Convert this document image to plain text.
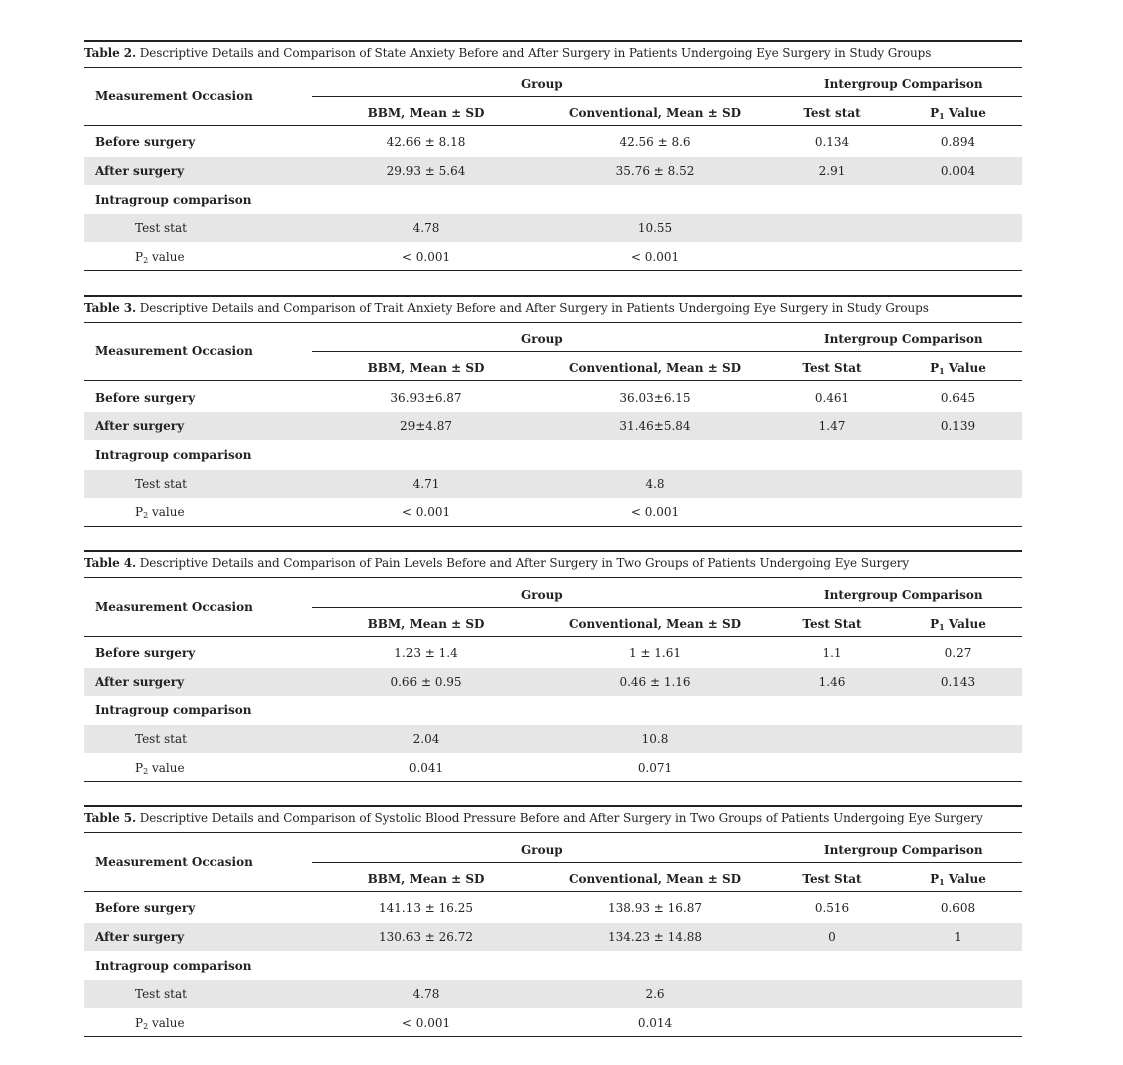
Table 2. Descriptive Details and Comparison of State Anxiety Before and After Surgery in Patients Undergoing Eye Surgery in Study Groups
Measurement Occasion
Group	Intergroup Comparison
BBM, Mean ± SD	Conventional, Mean ± SD	Test stat	$P_1$ Value
Before surgery	42.66 ± 8.18	42.56 ± 8.6	0.134	0.894
After surgery	29.93 ± 5.64	35.76 ± 8.52	2.91	0.004
Intragroup comparison
Test stat	4.78	10.55
$P_2$ value	< 0.001	< 0.001
Table 3. Descriptive Details and Comparison of Trait Anxiety Before and After Surgery in Patients Undergoing Eye Surgery in Study Groups
Measurement Occasion
Group	Intergroup Comparison
BBM, Mean ± SD	Conventional, Mean ± SD	Test Stat	$P_1$ Value
Before surgery	36.93±6.87	36.03±6.15	0.461	0.645
After surgery	29±4.87	31.46±5.84	1.47	0.139
Intragroup comparison
Test stat	4.71	4.8
$P_2$ value	< 0.001	< 0.001
Table 4. Descriptive Details and Comparison of Pain Levels Before and After Surgery in Two Groups of Patients Undergoing Eye Surgery
Measurement Occasion
Group	Intergroup Comparison
BBM, Mean ± SD	Conventional, Mean ± SD	Test Stat	$P_1$ Value
Before surgery	1.23 ± 1.4	1 ± 1.61	1.1	0.27
After surgery	0.66 ± 0.95	0.46 ± 1.16	1.46	0.143
Intragroup comparison
Test stat	2.04	10.8
$P_2$ value	0.041	0.071
Table 5. Descriptive Details and Comparison of Systolic Blood Pressure Before and After Surgery in Two Groups of Patients Undergoing Eye Surgery
Measurement Occasion
Group	Intergroup Comparison
BBM, Mean ± SD	Conventional, Mean ± SD	Test Stat	$P_1$ Value
Before surgery	141.13 ± 16.25	138.93 ± 16.87	0.516	0.608
After surgery	130.63 ± 26.72	134.23 ± 14.88	0	1
Intragroup comparison
Test stat	4.78	2.6
$P_2$ value	< 0.001	0.014
